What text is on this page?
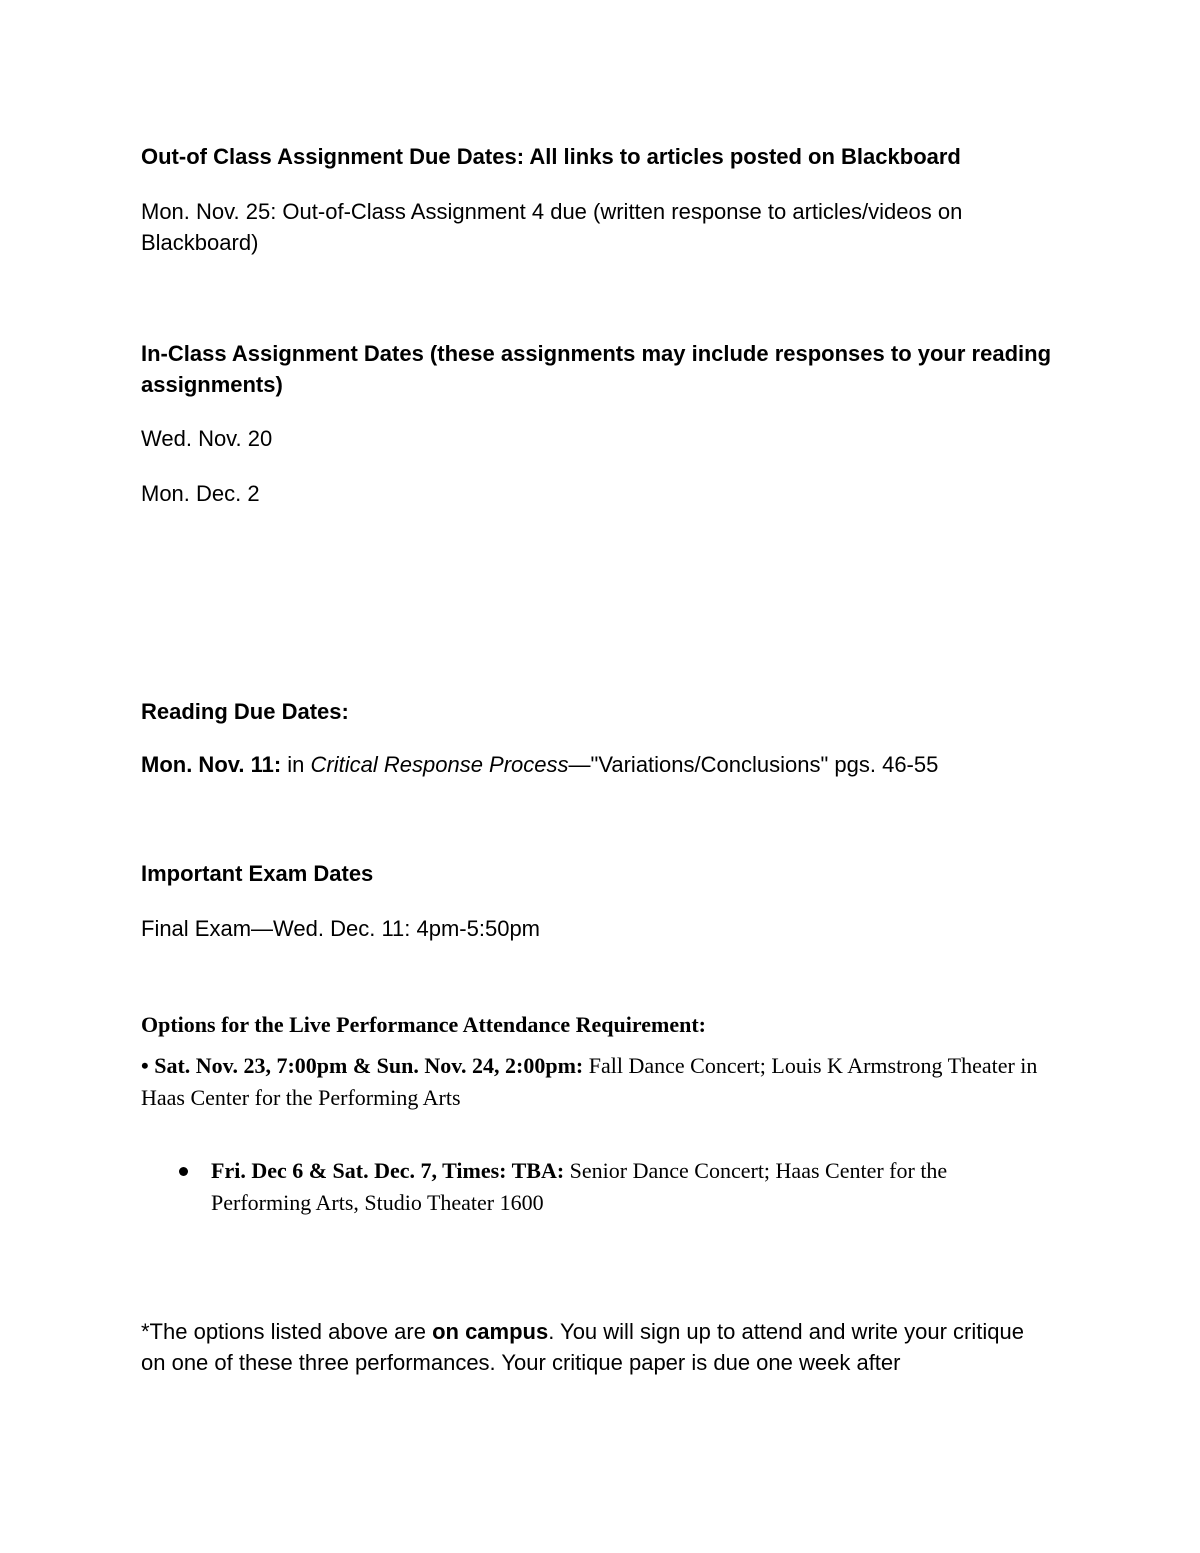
Out-of Class Assignment Due Dates: All links to articles posted on Blackboard

Mon. Nov. 25: Out-of-Class Assignment 4 due (written response to articles/videos on Blackboard)

In-Class Assignment Dates (these assignments may include responses to your reading assignments)

Wed. Nov. 20

Mon. Dec. 2

Reading Due Dates:

Mon. Nov. 11: in Critical Response Process—"Variations/Conclusions" pgs. 46-55

Important Exam Dates

Final Exam—Wed. Dec. 11: 4pm-5:50pm

Options for the Live Performance Attendance Requirement:

• Sat. Nov. 23, 7:00pm & Sun. Nov. 24, 2:00pm: Fall Dance Concert; Louis K Armstrong Theater in Haas Center for the Performing Arts

Fri. Dec 6 & Sat. Dec. 7, Times: TBA: Senior Dance Concert; Haas Center for the Performing Arts, Studio Theater 1600

*The options listed above are on campus. You will sign up to attend and write your critique on one of these three performances. Your critique paper is due one week after
